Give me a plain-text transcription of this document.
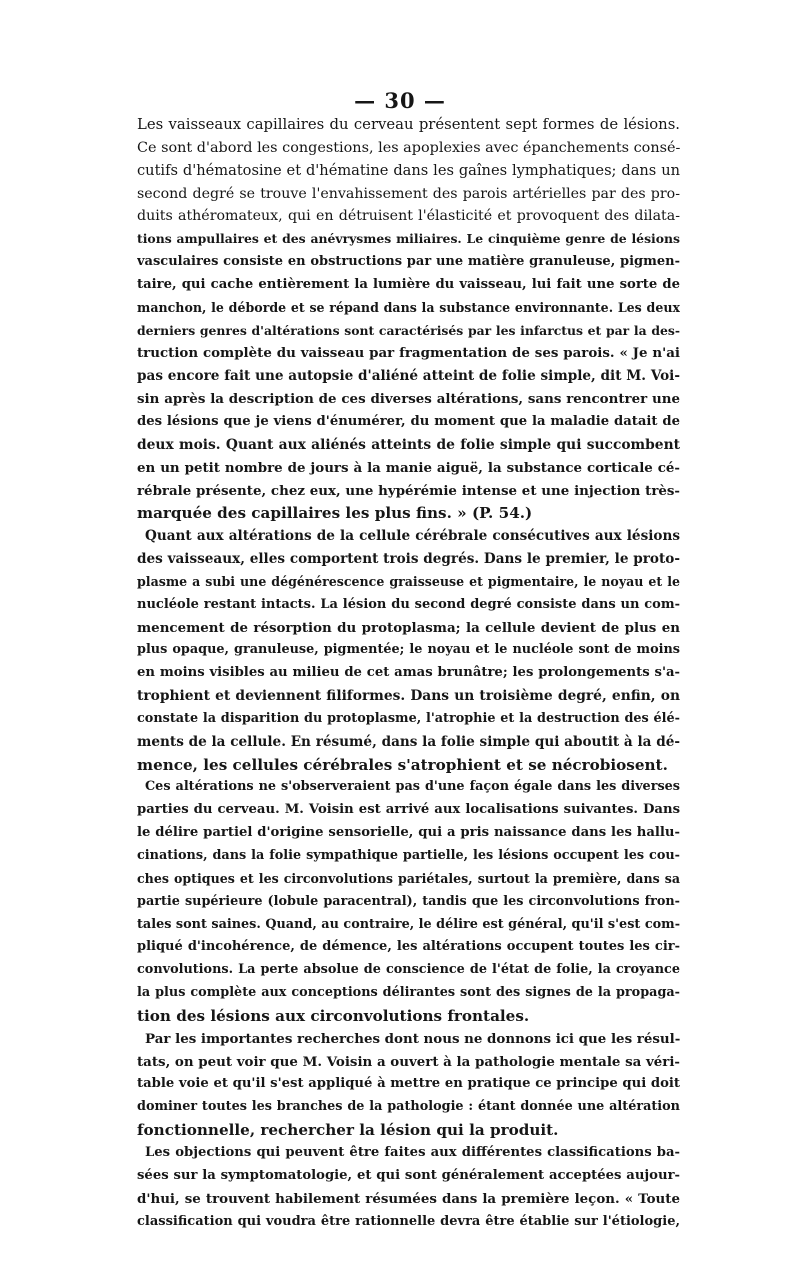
— 30 —
Les vaisseaux capillaires du cerveau présentent sept formes de lésions.
Ce sont d'abord les congestions, les apoplexies avec épanchements consé-
cutifs d'hématosine et d'hématine dans les gaînes lymphatiques; dans un
second degré se trouve l'envahissement des parois artérielles par des pro-
duits athéromateux, qui en détruisent l'élasticité et provoquent des dilata-
tions ampullaires et des anévrysmes miliaires. Le cinquième genre de lésions
vasculaires consiste en obstructions par une matière granuleuse, pigmen-
taire, qui cache entièrement la lumière du vaisseau, lui fait une sorte de
manchon, le déborde et se répand dans la substance environnante. Les deux
derniers genres d'altérations sont caractérisés par les infarctus et par la des-
truction complète du vaisseau par fragmentation de ses parois. « Je n'ai
pas encore fait une autopsie d'aliéné atteint de folie simple, dit M. Voi-
sin après la description de ces diverses altérations, sans rencontrer une
des lésions que je viens d'énumérer, du moment que la maladie datait de
deux mois. Quant aux aliénés atteints de folie simple qui succombent
en un petit nombre de jours à la manie aiguë, la substance corticale cé-
rébrale présente, chez eux, une hypérémie intense et une injection très-
marquée des capillaires les plus fins. » (P. 54.)
Quant aux altérations de la cellule cérébrale consécutives aux lésions
des vaisseaux, elles comportent trois degrés. Dans le premier, le proto-
plasme a subi une dégénérescence graisseuse et pigmentaire, le noyau et le
nucléole restant intacts. La lésion du second degré consiste dans un com-
mencement de résorption du protoplasma; la cellule devient de plus en
plus opaque, granuleuse, pigmentée; le noyau et le nucléole sont de moins
en moins visibles au milieu de cet amas brunâtre; les prolongements s'a-
trophient et deviennent filiformes. Dans un troisième degré, enfin, on
constate la disparition du protoplasme, l'atrophie et la destruction des élé-
ments de la cellule. En résumé, dans la folie simple qui aboutit à la dé-
mence, les cellules cérébrales s'atrophient et se nécrobiosent.
Ces altérations ne s'observeraient pas d'une façon égale dans les diverses
parties du cerveau. M. Voisin est arrivé aux localisations suivantes. Dans
le délire partiel d'origine sensorielle, qui a pris naissance dans les hallu-
cinations, dans la folie sympathique partielle, les lésions occupent les cou-
ches optiques et les circonvolutions pariétales, surtout la première, dans sa
partie supérieure (lobule paracentral), tandis que les circonvolutions fron-
tales sont saines. Quand, au contraire, le délire est général, qu'il s'est com-
pliqué d'incohérence, de démence, les altérations occupent toutes les cir-
convolutions. La perte absolue de conscience de l'état de folie, la croyance
la plus complète aux conceptions délirantes sont des signes de la propaga-
tion des lésions aux circonvolutions frontales.
Par les importantes recherches dont nous ne donnons ici que les résul-
tats, on peut voir que M. Voisin a ouvert à la pathologie mentale sa véri-
table voie et qu'il s'est appliqué à mettre en pratique ce principe qui doit
dominer toutes les branches de la pathologie : étant donnée une altération
fonctionnelle, rechercher la lésion qui la produit.
Les objections qui peuvent être faites aux différentes classifications ba-
sées sur la symptomatologie, et qui sont généralement acceptées aujour-
d'hui, se trouvent habilement résumées dans la première leçon. « Toute
classification qui voudra être rationnelle devra être établie sur l'étiologie,
